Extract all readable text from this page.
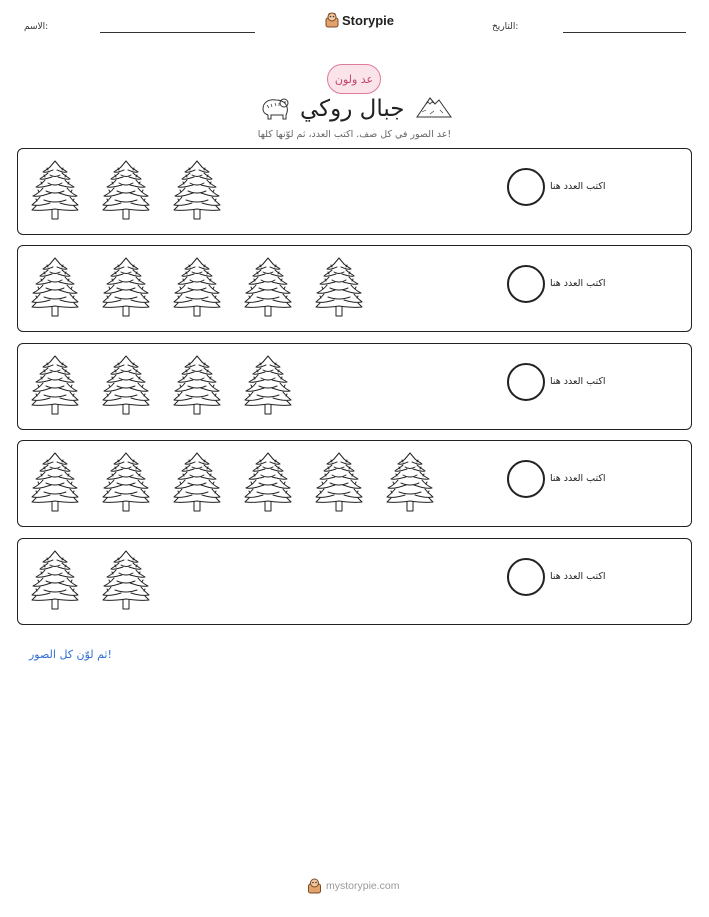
الاسم:	Storypie	التاريخ:
عد ولون
جبال روكي
عد الصور في كل صف. اكتب العدد، ثم لوّنها كلها!
اكتب العدد هنا
اكتب العدد هنا
اكتب العدد هنا
اكتب العدد هنا
اكتب العدد هنا
ثم لوّن كل الصور!
mystorypie.com
